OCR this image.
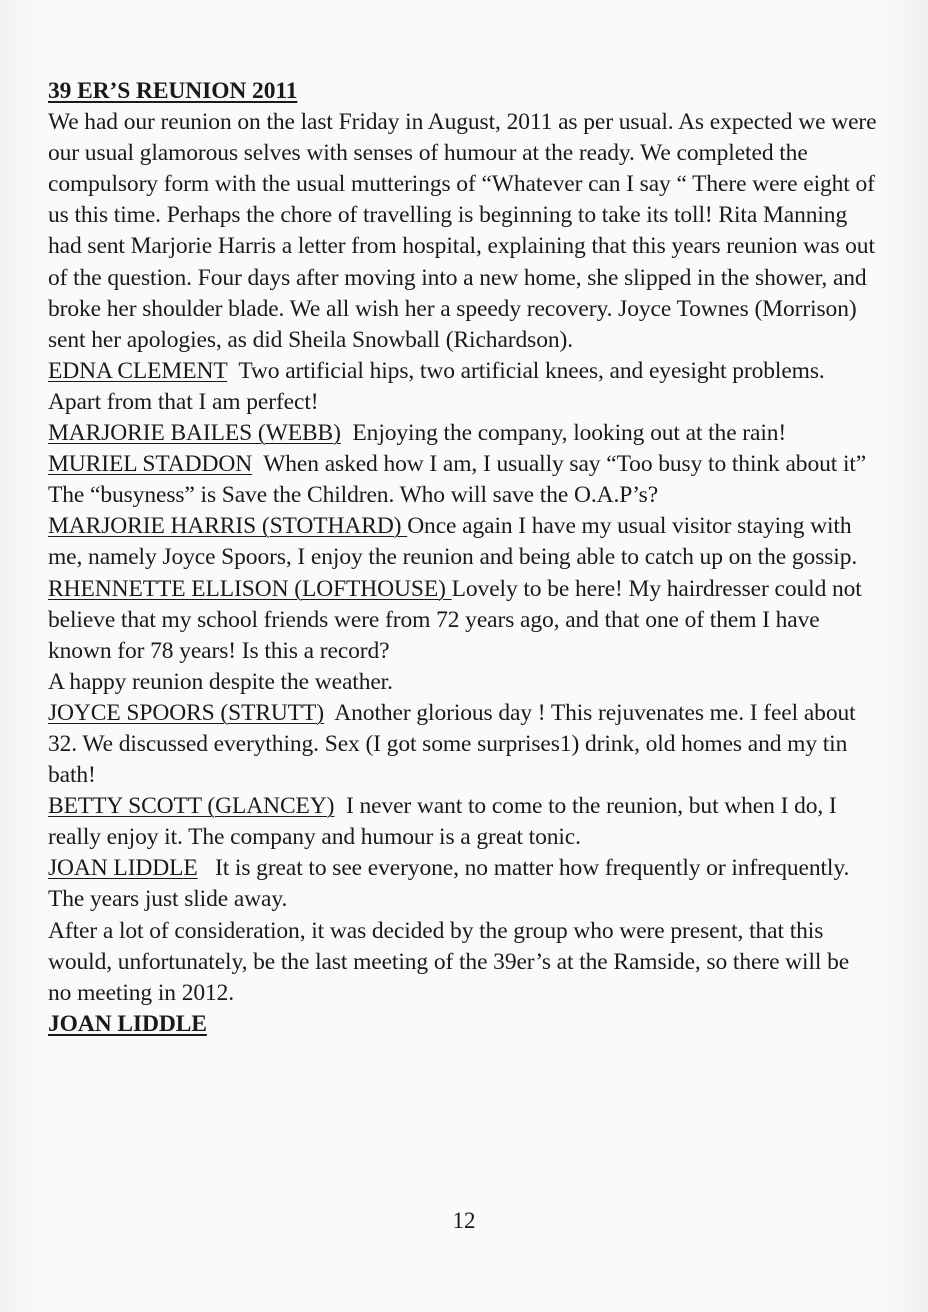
39 ER’S REUNION 2011

We had our reunion on the last Friday in August, 2011 as per usual. As expected we were our usual glamorous selves with senses of humour at the ready. We completed the compulsory form with the usual mutterings of “Whatever can I say “ There were eight of us this time. Perhaps the chore of travelling is beginning to take its toll! Rita Manning had sent Marjorie Harris a letter from hospital, explaining that this years reunion was out of the question. Four days after moving into a new home, she slipped in the shower, and broke her shoulder blade. We all wish her a speedy recovery. Joyce Townes (Morrison) sent her apologies, as did Sheila Snowball (Richardson).

EDNA CLEMENT  Two artificial hips, two artificial knees, and eyesight problems. Apart from that I am perfect!

MARJORIE BAILES (WEBB)  Enjoying the company, looking out at the rain!

MURIEL STADDON  When asked how I am, I usually say “Too busy to think about it” The “busyness” is Save the Children. Who will save the O.A.P’s?

MARJORIE HARRIS (STOTHARD) Once again I have my usual visitor staying with me, namely Joyce Spoors, I enjoy the reunion and being able to catch up on the gossip.

RHENNETTE ELLISON (LOFTHOUSE) Lovely to be here! My hairdresser could not believe that my school friends were from 72 years ago, and that one of them I have known for 78 years! Is this a record?

A happy reunion despite the weather.

JOYCE SPOORS (STRUTT)  Another glorious day ! This rejuvenates me. I feel about 32. We discussed everything. Sex (I got some surprises1) drink, old homes and my tin bath!

BETTY SCOTT (GLANCEY)  I never want to come to the reunion, but when I do, I really enjoy it. The company and humour is a great tonic.

JOAN LIDDLE   It is great to see everyone, no matter how frequently or infrequently. The years just slide away.

After a lot of consideration, it was decided by the group who were present, that this would, unfortunately, be the last meeting of the 39er’s at the Ramside, so there will be no meeting in 2012.

JOAN LIDDLE

12
